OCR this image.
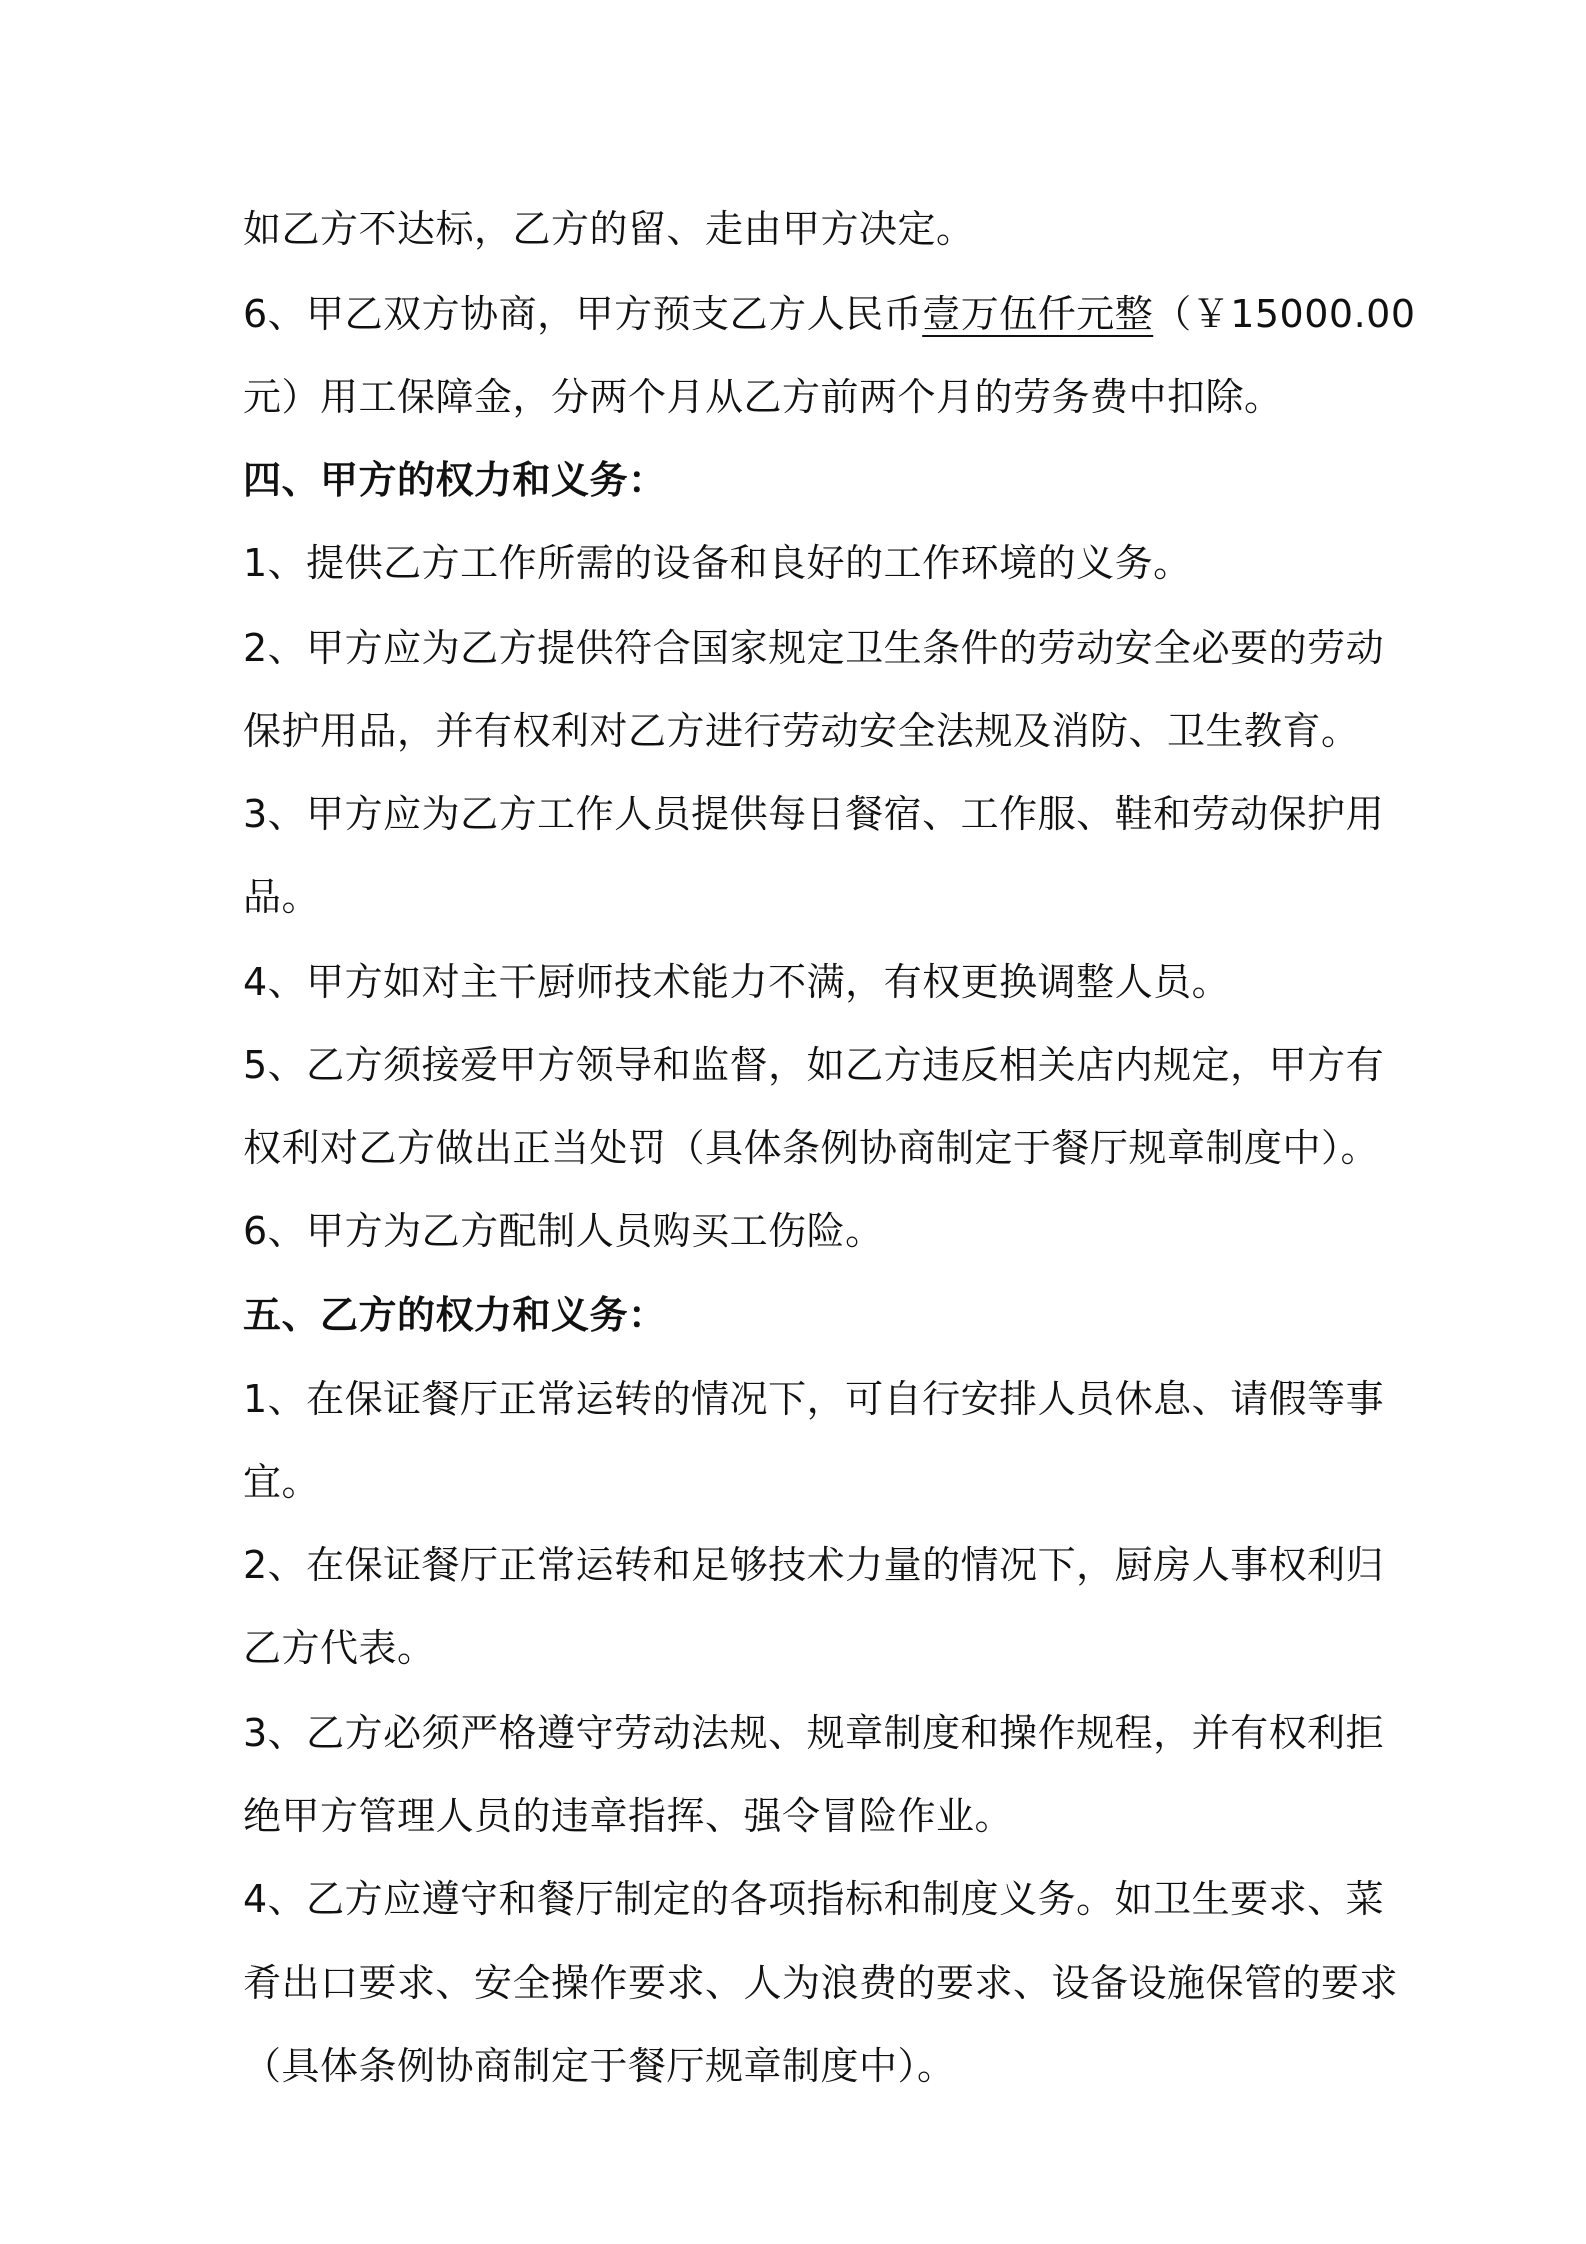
如乙方不达标，乙方的留、走由甲方决定。
6、甲乙双方协商，甲方预支乙方人民币壹万伍仟元整（￥15000.00
元）用工保障金，分两个月从乙方前两个月的劳务费中扣除。
四、甲方的权力和义务：
1、提供乙方工作所需的设备和良好的工作环境的义务。
2、甲方应为乙方提供符合国家规定卫生条件的劳动安全必要的劳动
保护用品，并有权利对乙方进行劳动安全法规及消防、卫生教育。
3、甲方应为乙方工作人员提供每日餐宿、工作服、鞋和劳动保护用
品。
4、甲方如对主干厨师技术能力不满，有权更换调整人员。
5、乙方须接爱甲方领导和监督，如乙方违反相关店内规定，甲方有
权利对乙方做出正当处罚（具体条例协商制定于餐厅规章制度中）。
6、甲方为乙方配制人员购买工伤险。
五、乙方的权力和义务：
1、在保证餐厅正常运转的情况下，可自行安排人员休息、请假等事
宜。
2、在保证餐厅正常运转和足够技术力量的情况下，厨房人事权利归
乙方代表。
3、乙方必须严格遵守劳动法规、规章制度和操作规程，并有权利拒
绝甲方管理人员的违章指挥、强令冒险作业。
4、乙方应遵守和餐厅制定的各项指标和制度义务。如卫生要求、菜
肴出口要求、安全操作要求、人为浪费的要求、设备设施保管的要求
（具体条例协商制定于餐厅规章制度中）。
